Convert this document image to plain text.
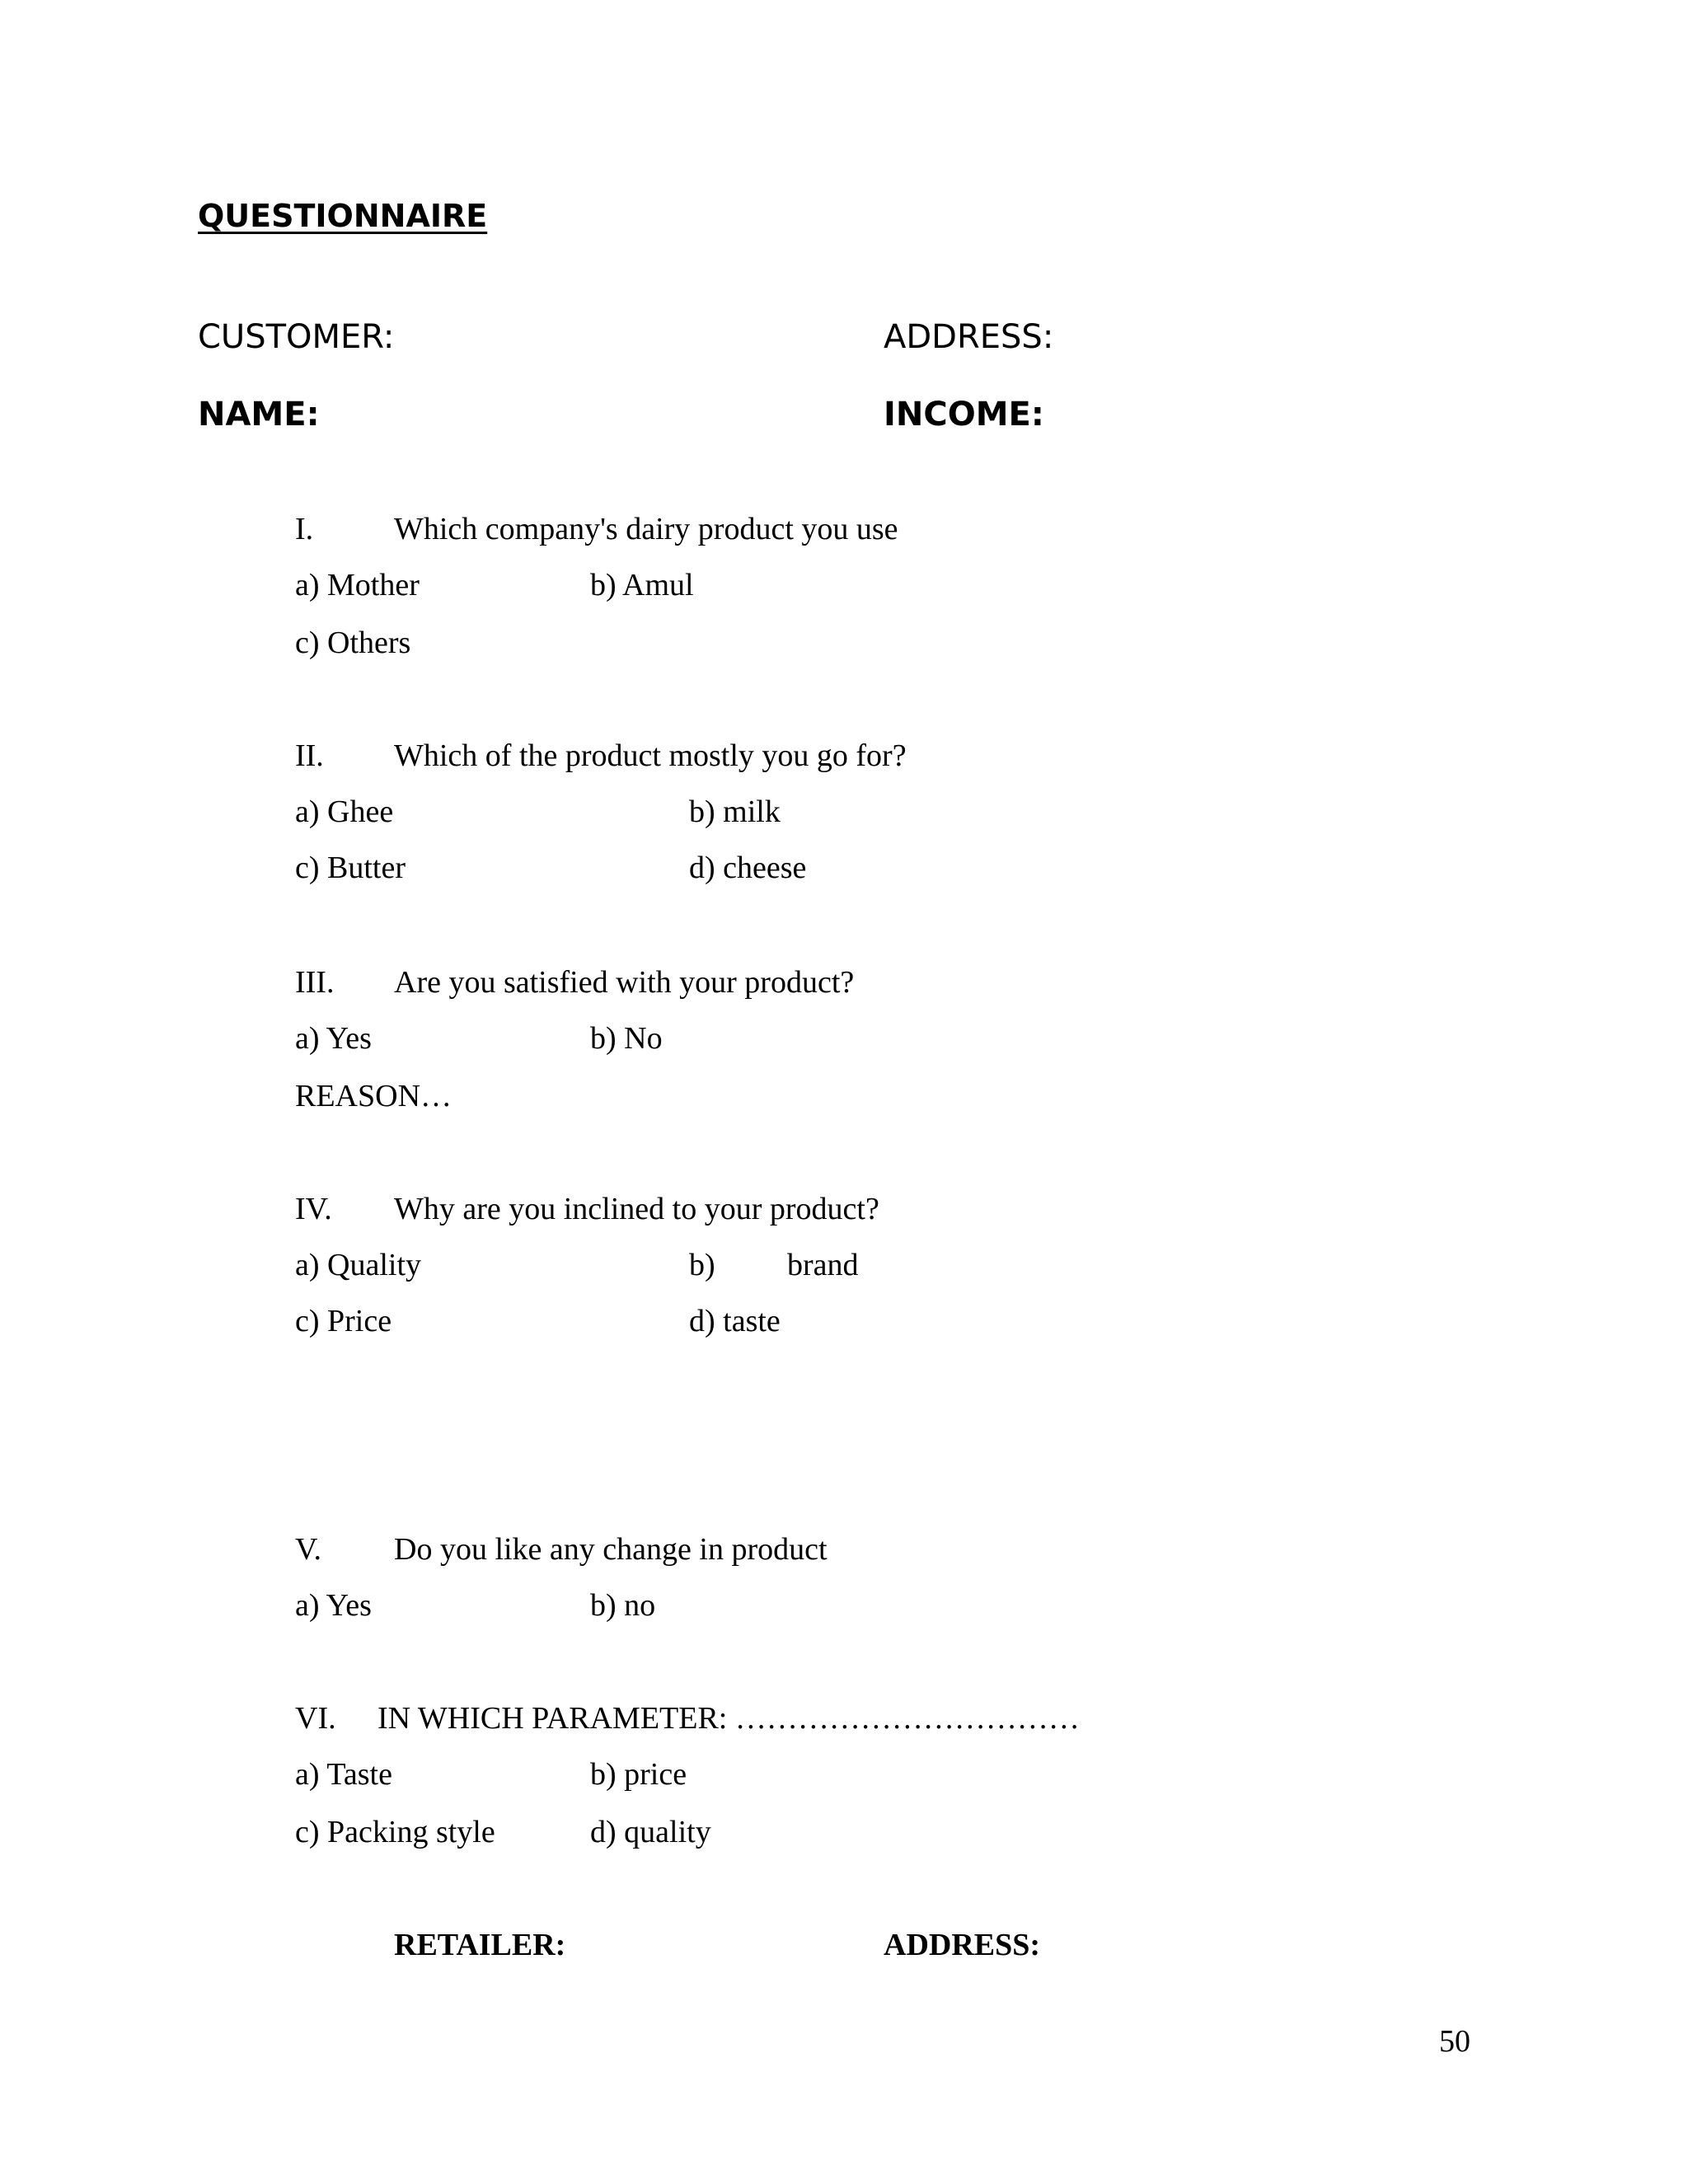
QUESTIONNAIRE
CUSTOMER:	ADDRESS:
NAME:	INCOME:
I.	Which company's dairy product you use
a) Mother	b) Amul
c) Others
II. Which of the product mostly you go for?
a) Ghee	b) milk
c) Butter	d) cheese
III. Are you satisfied with your product?
a) Yes	b) No
REASON…
IV. Why are you inclined to your product?
a) Quality	b) brand
c) Price	d) taste
V. Do you like any change in product
a) Yes	b) no
VI. IN WHICH PARAMETER: ……………………………
a) Taste	b) price
c) Packing style	d) quality
RETAILER:	ADDRESS:
50
